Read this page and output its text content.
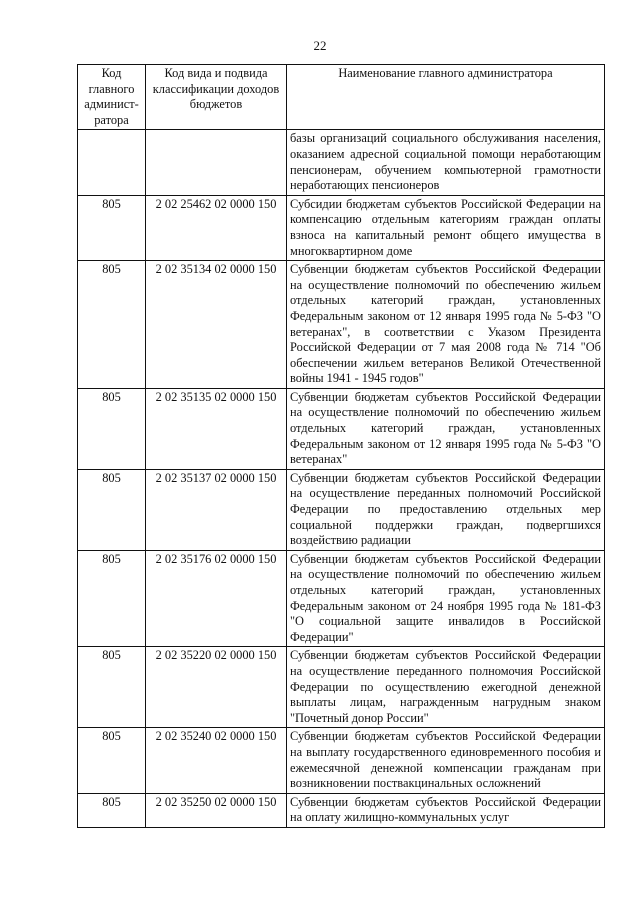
22
Код главного админист-ратора	Код вида и подвида классификации доходов бюджетов	Наименование главного администратора
		базы организаций социального обслуживания населения, оказанием адресной социальной помощи неработающим пенсионерам, обучением компьютерной грамотности неработающих пенсионеров
805	2 02 25462 02 0000 150	Субсидии бюджетам субъектов Российской Федерации на компенсацию отдельным категориям граждан оплаты взноса на капитальный ремонт общего имущества в многоквартирном доме
805	2 02 35134 02 0000 150	Субвенции бюджетам субъектов Российской Федерации на осуществление полномочий по обеспечению жильем отдельных категорий граждан, установленных Федеральным законом от 12 января 1995 года № 5-ФЗ "О ветеранах", в соответствии с Указом Президента Российской Федерации от 7 мая 2008 года № 714 "Об обеспечении жильем ветеранов Великой Отечественной войны 1941 - 1945 годов"
805	2 02 35135 02 0000 150	Субвенции бюджетам субъектов Российской Федерации на осуществление полномочий по обеспечению жильем отдельных категорий граждан, установленных Федеральным законом от 12 января 1995 года № 5-ФЗ "О ветеранах"
805	2 02 35137 02 0000 150	Субвенции бюджетам субъектов Российской Федерации на осуществление переданных полномочий Российской Федерации по предоставлению отдельных мер социальной поддержки граждан, подвергшихся воздействию радиации
805	2 02 35176 02 0000 150	Субвенции бюджетам субъектов Российской Федерации на осуществление полномочий по обеспечению жильем отдельных категорий граждан, установленных Федеральным законом от 24 ноября 1995 года № 181-ФЗ "О социальной защите инвалидов в Российской Федерации"
805	2 02 35220 02 0000 150	Субвенции бюджетам субъектов Российской Федерации на осуществление переданного полномочия Российской Федерации по осуществлению ежегодной денежной выплаты лицам, награжденным нагрудным знаком "Почетный донор России"
805	2 02 35240 02 0000 150	Субвенции бюджетам субъектов Российской Федерации на выплату государственного единовременного пособия и ежемесячной денежной компенсации гражданам при возникновении поствакцинальных осложнений
805	2 02 35250 02 0000 150	Субвенции бюджетам субъектов Российской Федерации на оплату жилищно-коммунальных услуг
